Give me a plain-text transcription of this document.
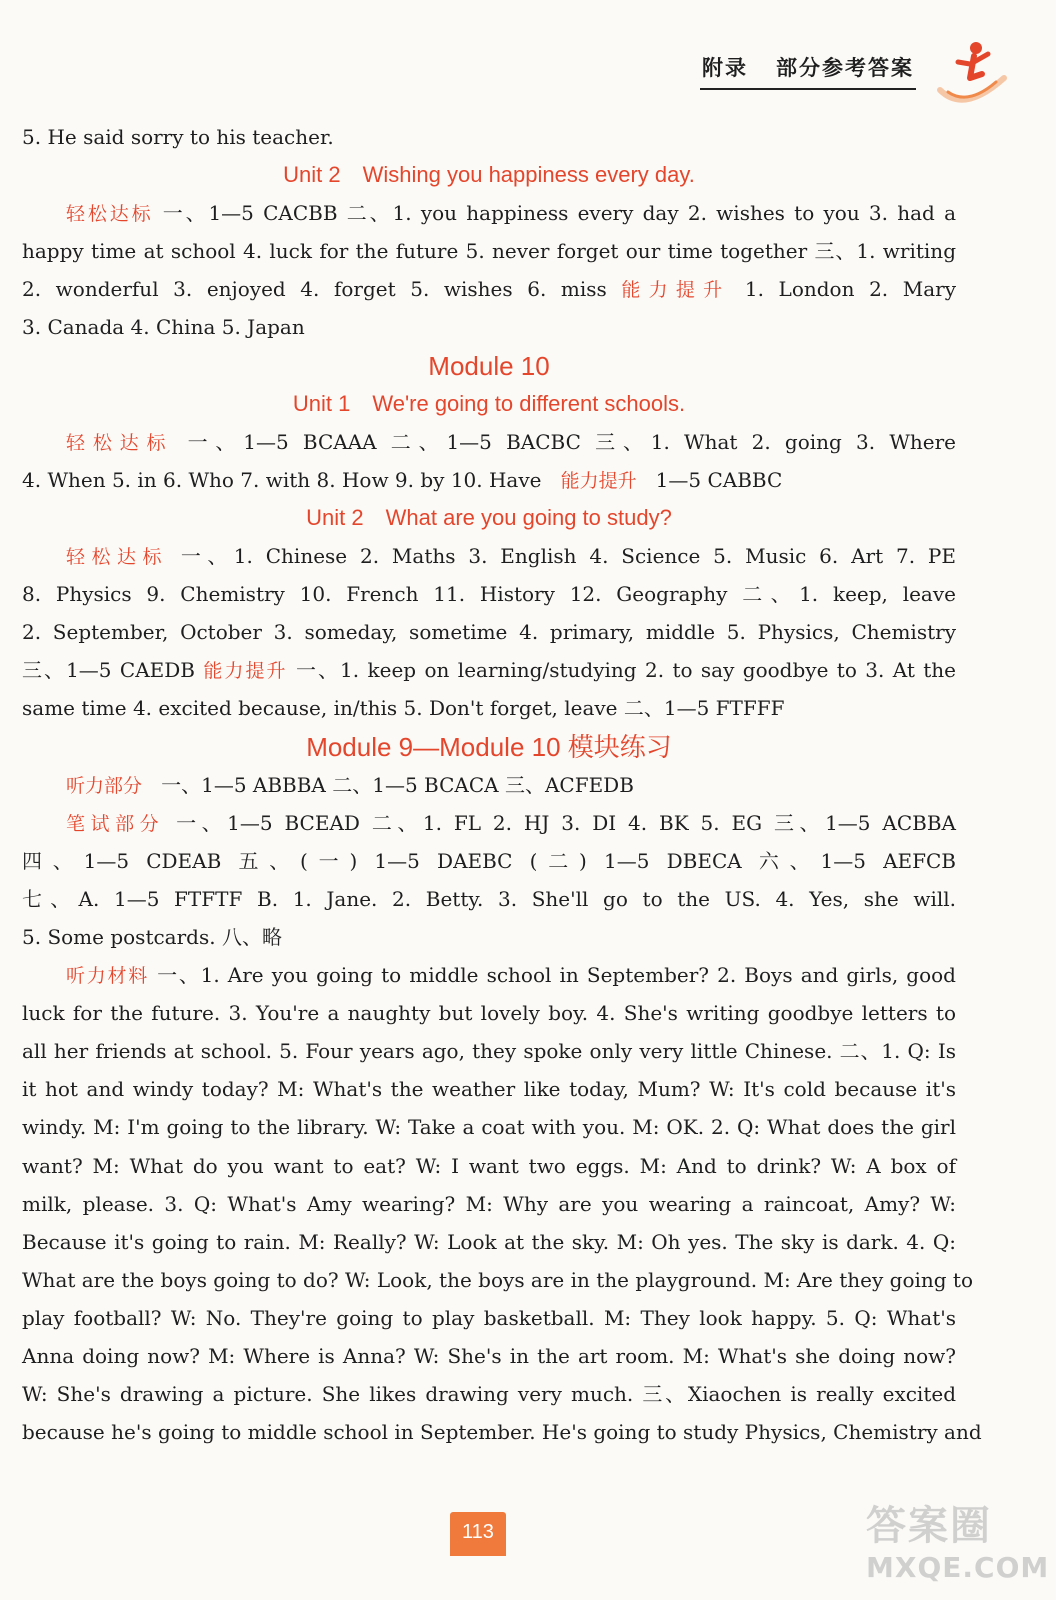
附录 部分参考答案
5. He said sorry to his teacher.
Unit 2 Wishing you happiness every day.
轻松达标 一、1—5 CACBB 二、1. you happiness every day 2. wishes to you 3. had a
happy time at school 4. luck for the future 5. never forget our time together 三、1. writing
2. wonderful 3. enjoyed 4. forget 5. wishes 6. miss 能力提升 1. London 2. Mary
3. Canada 4. China 5. Japan
Module 10
Unit 1 We're going to different schools.
轻松达标 一、1—5 BCAAA 二、1—5 BACBC 三、1. What 2. going 3. Where
4. When 5. in 6. Who 7. with 8. How 9. by 10. Have 能力提升 1—5 CABBC
Unit 2 What are you going to study?
轻松达标 一、1. Chinese 2. Maths 3. English 4. Science 5. Music 6. Art 7. PE
8. Physics 9. Chemistry 10. French 11. History 12. Geography 二、1. keep, leave
2. September, October 3. someday, sometime 4. primary, middle 5. Physics, Chemistry
三、1—5 CAEDB 能力提升 一、1. keep on learning/studying 2. to say goodbye to 3. At the
same time 4. excited because, in/this 5. Don't forget, leave 二、1—5 FTFFF
Module 9—Module 10 模块练习
听力部分 一、1—5 ABBBA 二、1—5 BCACA 三、ACFEDB
笔试部分 一、1—5 BCEAD 二、1. FL 2. HJ 3. DI 4. BK 5. EG 三、1—5 ACBBA
四、1—5 CDEAB 五、(一) 1—5 DAEBC (二) 1—5 DBECA 六、1—5 AEFCB
七、A. 1—5 FTFTF B. 1. Jane. 2. Betty. 3. She'll go to the US. 4. Yes, she will.
5. Some postcards. 八、略
听力材料 一、1. Are you going to middle school in September? 2. Boys and girls, good
luck for the future. 3. You're a naughty but lovely boy. 4. She's writing goodbye letters to
all her friends at school. 5. Four years ago, they spoke only very little Chinese. 二、1. Q: Is
it hot and windy today? M: What's the weather like today, Mum? W: It's cold because it's
windy. M: I'm going to the library. W: Take a coat with you. M: OK. 2. Q: What does the girl
want? M: What do you want to eat? W: I want two eggs. M: And to drink? W: A box of
milk, please. 3. Q: What's Amy wearing? M: Why are you wearing a raincoat, Amy? W:
Because it's going to rain. M: Really? W: Look at the sky. M: Oh yes. The sky is dark. 4. Q:
What are the boys going to do? W: Look, the boys are in the playground. M: Are they going to
play football? W: No. They're going to play basketball. M: They look happy. 5. Q: What's
Anna doing now? M: Where is Anna? W: She's in the art room. M: What's she doing now?
W: She's drawing a picture. She likes drawing very much. 三、Xiaochen is really excited
because he's going to middle school in September. He's going to study Physics, Chemistry and
113	答案圈
MXQE.COM
